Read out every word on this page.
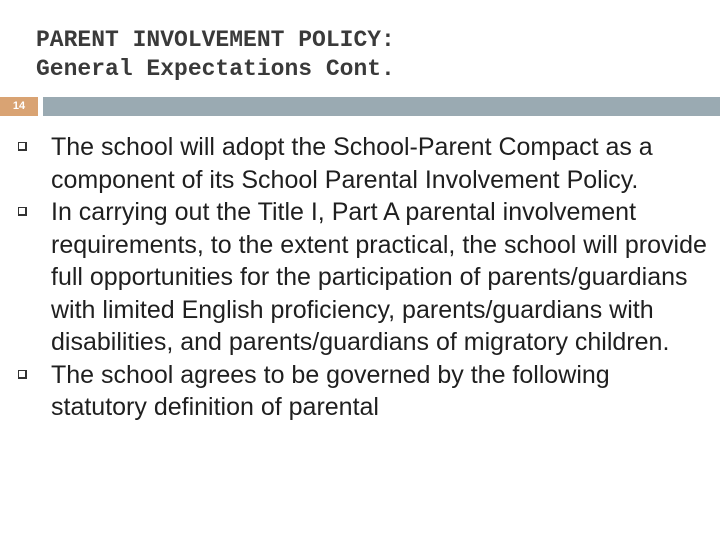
PARENT INVOLVEMENT POLICY:
General Expectations Cont.
14
The school will adopt the School-Parent Compact as a component of its School Parental Involvement Policy.
In carrying out the Title I, Part A parental involvement requirements, to the extent practical, the school will provide full opportunities for the participation of parents/guardians with limited English proficiency, parents/guardians with disabilities, and parents/guardians of migratory children.
The school agrees to be governed by the following statutory definition of parental
